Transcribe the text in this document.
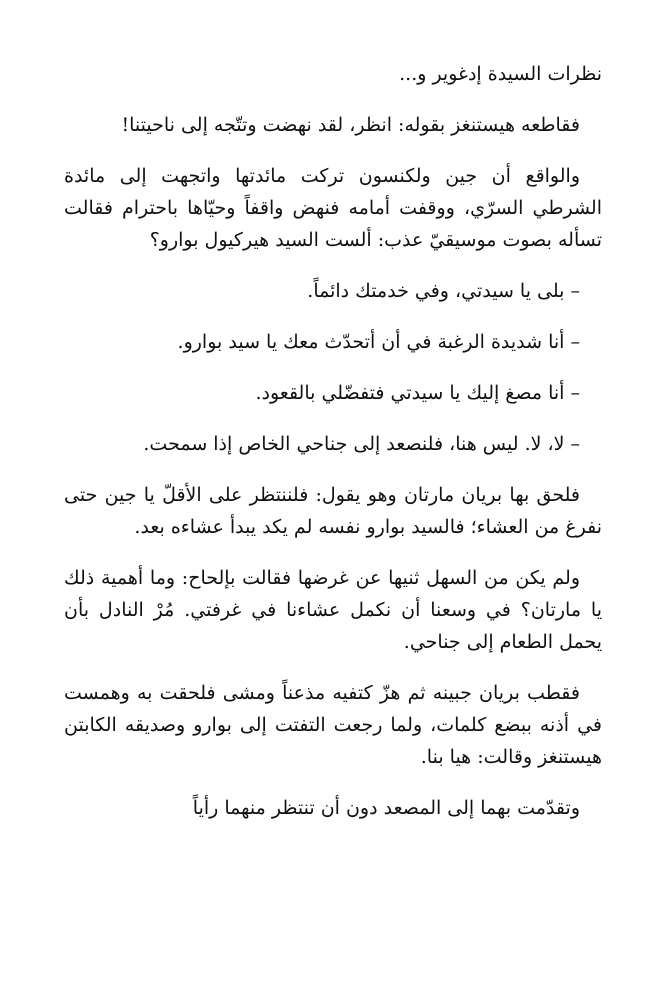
نظرات السيدة إدغوير و...

فقاطعه هيستنغز بقوله: انظر، لقد نهضت وتتّجه إلى ناحيتنا!

والواقع أن جين ولكنسون تركت مائدتها واتجهت إلى مائدة الشرطي السرّي، ووقفت أمامه فنهض واقفاً وحيّاها باحترام فقالت تسأله بصوت موسيقيّ عذب: ألست السيد هيركيول بوارو؟

– بلى يا سيدتي، وفي خدمتك دائماً.

– أنا شديدة الرغبة في أن أتحدّث معك يا سيد بوارو.

– أنا مصغ إليك يا سيدتي فتفضّلي بالقعود.

– لا، لا. ليس هنا، فلنصعد إلى جناحي الخاص إذا سمحت.

فلحق بها بريان مارتان وهو يقول: فلننتظر على الأقلّ يا جين حتى نفرغ من العشاء؛ فالسيد بوارو نفسه لم يكد يبدأ عشاءه بعد.

ولم يكن من السهل ثنيها عن غرضها فقالت بإلحاح: وما أهمية ذلك يا مارتان؟ في وسعنا أن نكمل عشاءنا في غرفتي. مُرْ النادل بأن يحمل الطعام إلى جناحي.

فقطب بريان جبينه ثم هزّ كتفيه مذعناً ومشى فلحقت به وهمست في أذنه ببضع كلمات، ولما رجعت التفتت إلى بوارو وصديقه الكابتن هيستنغز وقالت: هيا بنا.

وتقدّمت بهما إلى المصعد دون أن تنتظر منهما رأياً
